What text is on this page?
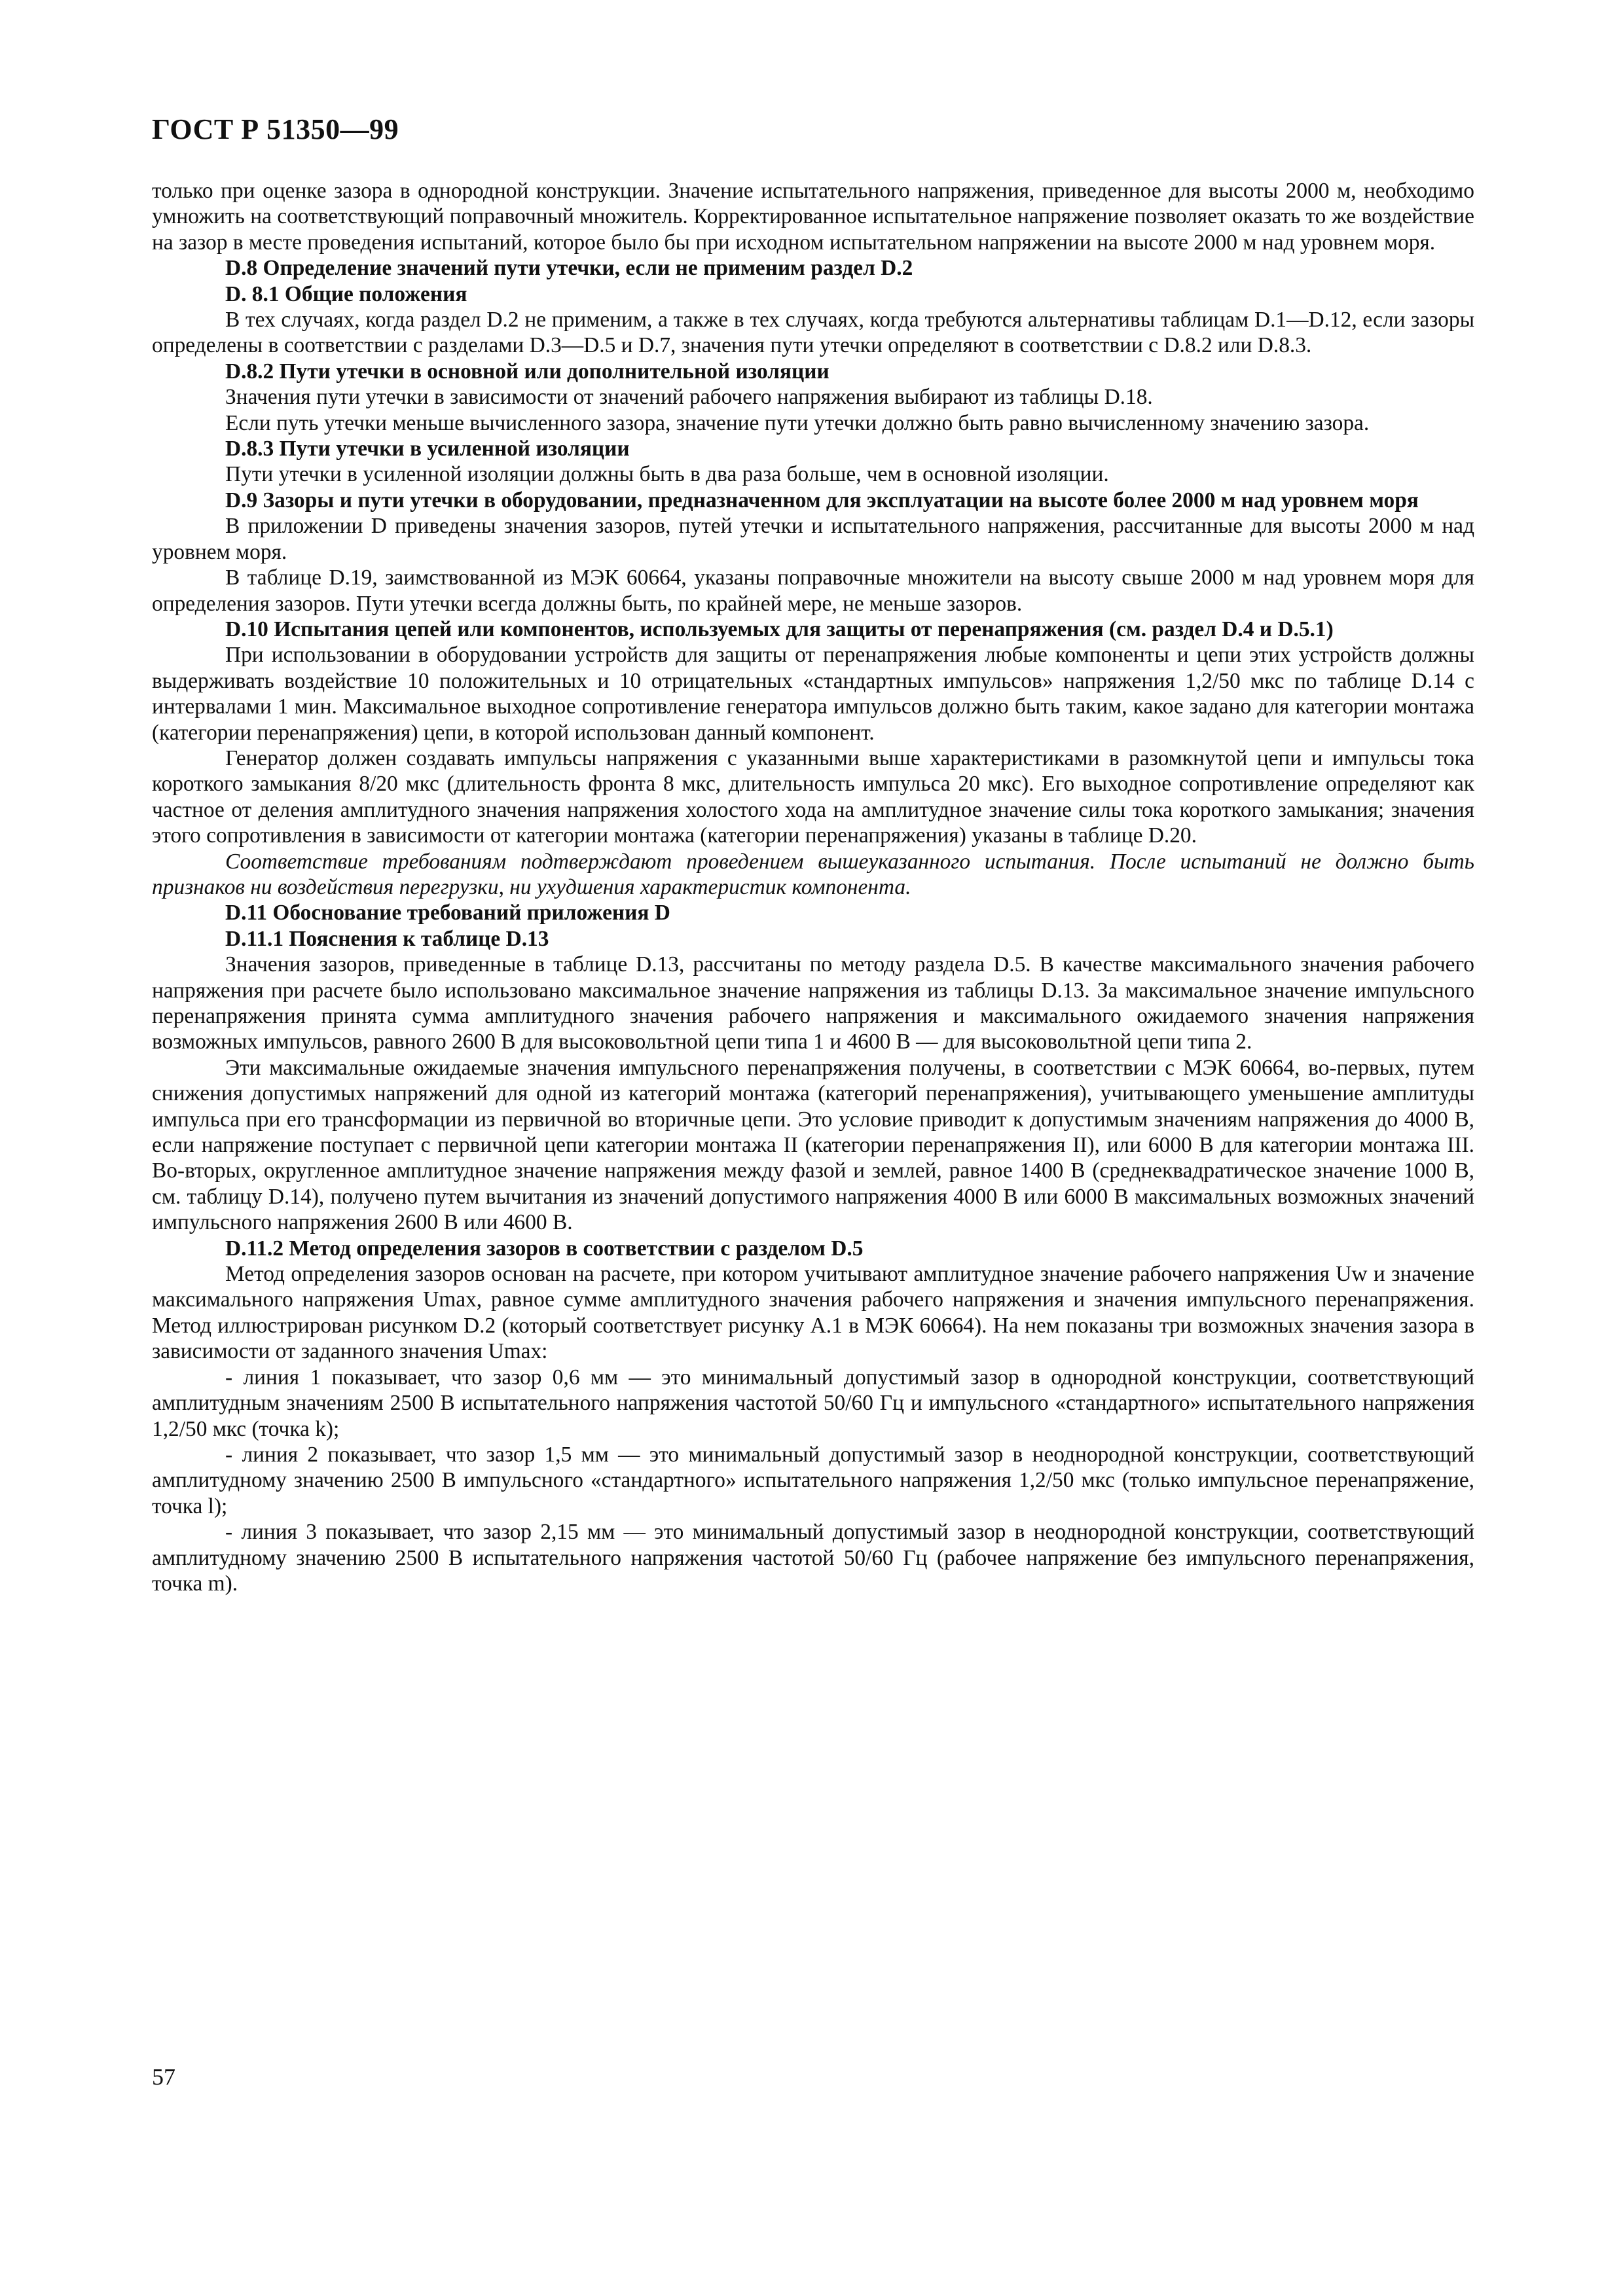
ГОСТ Р 51350—99

только при оценке зазора в однородной конструкции. Значение испытательного напряжения, приведенное для высоты 2000 м, необходимо умножить на соответствующий поправочный множитель. Корректированное испытательное напряжение позволяет оказать то же воздействие на зазор в месте проведения испытаний, которое было бы при исходном испытательном напряжении на высоте 2000 м над уровнем моря.

D.8 Определение значений пути утечки, если не применим раздел D.2

D. 8.1 Общие положения

В тех случаях, когда раздел D.2 не применим, а также в тех случаях, когда требуются альтернативы таблицам D.1—D.12, если зазоры определены в соответствии с разделами D.3—D.5 и D.7, значения пути утечки определяют в соответствии с D.8.2 или D.8.3.

D.8.2 Пути утечки в основной или дополнительной изоляции

Значения пути утечки в зависимости от значений рабочего напряжения выбирают из таблицы D.18.

Если путь утечки меньше вычисленного зазора, значение пути утечки должно быть равно вычисленному значению зазора.

D.8.3 Пути утечки в усиленной изоляции

Пути утечки в усиленной изоляции должны быть в два раза больше, чем в основной изоляции.

D.9 Зазоры и пути утечки в оборудовании, предназначенном для эксплуатации на высоте более 2000 м над уровнем моря

В приложении D приведены значения зазоров, путей утечки и испытательного напряжения, рассчитанные для высоты 2000 м над уровнем моря.

В таблице D.19, заимствованной из МЭК 60664, указаны поправочные множители на высоту свыше 2000 м над уровнем моря для определения зазоров. Пути утечки всегда должны быть, по крайней мере, не меньше зазоров.

D.10 Испытания цепей или компонентов, используемых для защиты от перенапряжения (см. раздел D.4 и D.5.1)

При использовании в оборудовании устройств для защиты от перенапряжения любые компоненты и цепи этих устройств должны выдерживать воздействие 10 положительных и 10 отрицательных «стандартных импульсов» напряжения 1,2/50 мкс по таблице D.14 с интервалами 1 мин. Максимальное выходное сопротивление генератора импульсов должно быть таким, какое задано для категории монтажа (категории перенапряжения) цепи, в которой использован данный компонент.

Генератор должен создавать импульсы напряжения с указанными выше характеристиками в разомкнутой цепи и импульсы тока короткого замыкания 8/20 мкс (длительность фронта 8 мкс, длительность импульса 20 мкс). Его выходное сопротивление определяют как частное от деления амплитудного значения напряжения холостого хода на амплитудное значение силы тока короткого замыкания; значения этого сопротивления в зависимости от категории монтажа (категории перенапряжения) указаны в таблице D.20.

Соответствие требованиям подтверждают проведением вышеуказанного испытания. После испытаний не должно быть признаков ни воздействия перегрузки, ни ухудшения характеристик компонента.

D.11 Обоснование требований приложения D

D.11.1 Пояснения к таблице D.13

Значения зазоров, приведенные в таблице D.13, рассчитаны по методу раздела D.5. В качестве максимального значения рабочего напряжения при расчете было использовано максимальное значение напряжения из таблицы D.13. За максимальное значение импульсного перенапряжения принята сумма амплитудного значения рабочего напряжения и максимального ожидаемого значения напряжения возможных импульсов, равного 2600 В для высоковольтной цепи типа 1 и 4600 В — для высоковольтной цепи типа 2.

Эти максимальные ожидаемые значения импульсного перенапряжения получены, в соответствии с МЭК 60664, во-первых, путем снижения допустимых напряжений для одной из категорий монтажа (категорий перенапряжения), учитывающего уменьшение амплитуды импульса при его трансформации из первичной во вторичные цепи. Это условие приводит к допустимым значениям напряжения до 4000 В, если напряжение поступает с первичной цепи категории монтажа II (категории перенапряжения II), или 6000 В для категории монтажа III. Во-вторых, округленное амплитудное значение напряжения между фазой и землей, равное 1400 В (среднеквадратическое значение 1000 В, см. таблицу D.14), получено путем вычитания из значений допустимого напряжения 4000 В или 6000 В максимальных возможных значений импульсного напряжения 2600 В или 4600 В.

D.11.2 Метод определения зазоров в соответствии с разделом D.5

Метод определения зазоров основан на расчете, при котором учитывают амплитудное значение рабочего напряжения Uw и значение максимального напряжения Umax, равное сумме амплитудного значения рабочего напряжения и значения импульсного перенапряжения. Метод иллюстрирован рисунком D.2 (который соответствует рисунку А.1 в МЭК 60664). На нем показаны три возможных значения зазора в зависимости от заданного значения Umax:

- линия 1 показывает, что зазор 0,6 мм — это минимальный допустимый зазор в однородной конструкции, соответствующий амплитудным значениям 2500 В испытательного напряжения частотой 50/60 Гц и импульсного «стандартного» испытательного напряжения 1,2/50 мкс (точка k);

- линия 2 показывает, что зазор 1,5 мм — это минимальный допустимый зазор в неоднородной конструкции, соответствующий амплитудному значению 2500 В импульсного «стандартного» испытательного напряжения 1,2/50 мкс (только импульсное перенапряжение, точка l);

- линия 3 показывает, что зазор 2,15 мм — это минимальный допустимый зазор в неоднородной конструкции, соответствующий амплитудному значению 2500 В испытательного напряжения частотой 50/60 Гц (рабочее напряжение без импульсного перенапряжения, точка m).

57
